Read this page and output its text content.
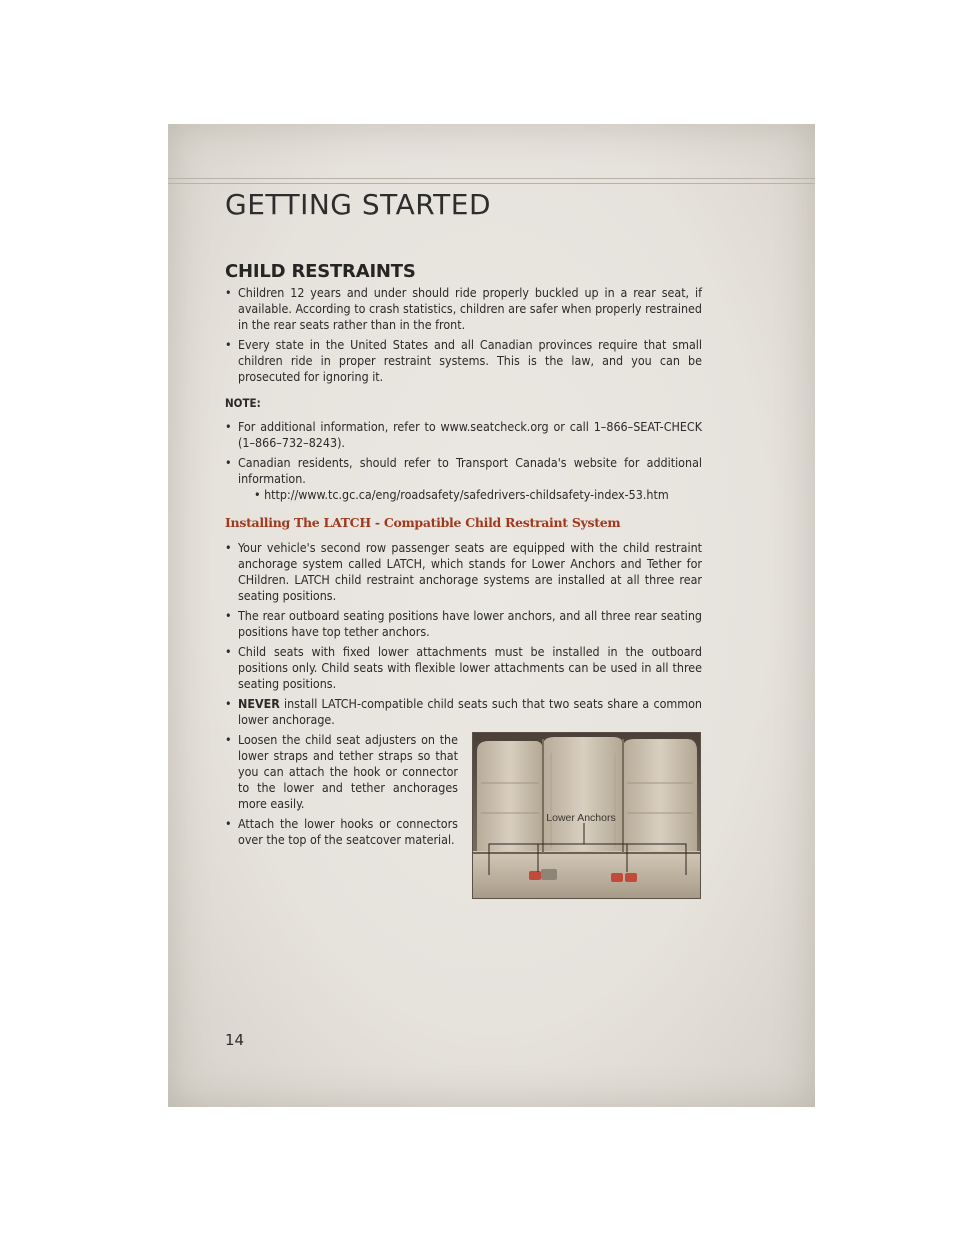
GETTING STARTED
CHILD RESTRAINTS
• Children 12 years and under should ride properly buckled up in a rear seat, if available. According to crash statistics, children are safer when properly restrained in the rear seats rather than in the front.
• Every state in the United States and all Canadian provinces require that small children ride in proper restraint systems. This is the law, and you can be prosecuted for ignoring it.
NOTE:
• For additional information, refer to www.seatcheck.org or call 1–866–SEAT-CHECK (1–866–732–8243).
• Canadian residents, should refer to Transport Canada's website for additional information.
• http://www.tc.gc.ca/eng/roadsafety/safedrivers-childsafety-index-53.htm
Installing The LATCH - Compatible Child Restraint System
• Your vehicle's second row passenger seats are equipped with the child restraint anchorage system called LATCH, which stands for Lower Anchors and Tether for CHildren. LATCH child restraint anchorage systems are installed at all three rear seating positions.
• The rear outboard seating positions have lower anchors, and all three rear seating positions have top tether anchors.
• Child seats with fixed lower attachments must be installed in the outboard positions only. Child seats with flexible lower attachments can be used in all three seating positions.
• NEVER install LATCH-compatible child seats such that two seats share a common lower anchorage.
• Loosen the child seat adjusters on the lower straps and tether straps so that you can attach the hook or connector to the lower and tether anchorages more easily.
• Attach the lower hooks or connectors over the top of the seatcover material.
Lower Anchors
14
